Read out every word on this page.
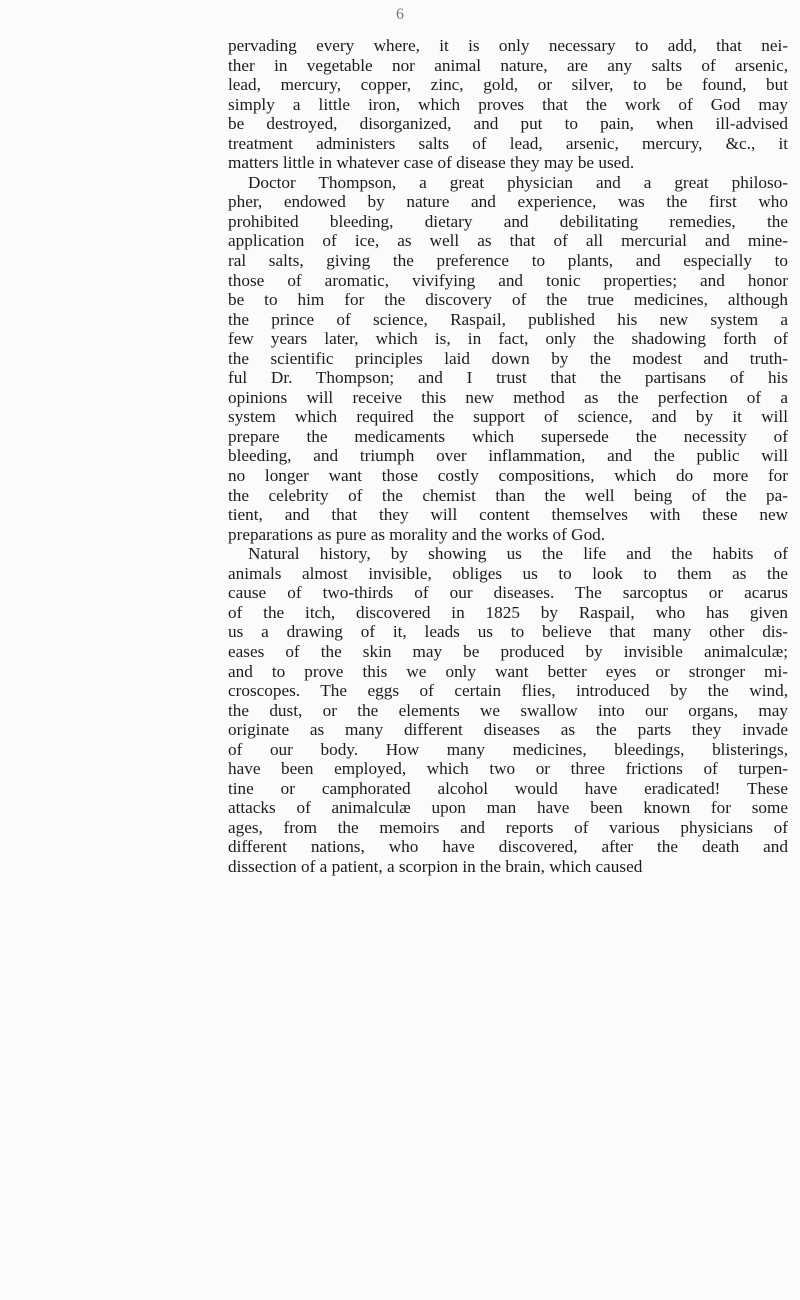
6
pervading every where, it is only necessary to add, that nei-
ther in vegetable nor animal nature, are any salts of arsenic,
lead, mercury, copper, zinc, gold, or silver, to be found, but
simply a little iron, which proves that the work of God may
be destroyed, disorganized, and put to pain, when ill-advised
treatment administers salts of lead, arsenic, mercury, &c., it
matters little in whatever case of disease they may be used.
Doctor Thompson, a great physician and a great philoso-
pher, endowed by nature and experience, was the first who
prohibited bleeding, dietary and debilitating remedies, the
application of ice, as well as that of all mercurial and mine-
ral salts, giving the preference to plants, and especially to
those of aromatic, vivifying and tonic properties; and honor
be to him for the discovery of the true medicines, although
the prince of science, Raspail, published his new system a
few years later, which is, in fact, only the shadowing forth of
the scientific principles laid down by the modest and truth-
ful Dr. Thompson; and I trust that the partisans of his
opinions will receive this new method as the perfection of a
system which required the support of science, and by it will
prepare the medicaments which supersede the necessity of
bleeding, and triumph over inflammation, and the public will
no longer want those costly compositions, which do more for
the celebrity of the chemist than the well being of the pa-
tient, and that they will content themselves with these new
preparations as pure as morality and the works of God.
Natural history, by showing us the life and the habits of
animals almost invisible, obliges us to look to them as the
cause of two-thirds of our diseases. The sarcoptus or acarus
of the itch, discovered in 1825 by Raspail, who has given
us a drawing of it, leads us to believe that many other dis-
eases of the skin may be produced by invisible animalculæ;
and to prove this we only want better eyes or stronger mi-
croscopes. The eggs of certain flies, introduced by the wind,
the dust, or the elements we swallow into our organs, may
originate as many different diseases as the parts they invade
of our body. How many medicines, bleedings, blisterings,
have been employed, which two or three frictions of turpen-
tine or camphorated alcohol would have eradicated! These
attacks of animalculæ upon man have been known for some
ages, from the memoirs and reports of various physicians of
different nations, who have discovered, after the death and
dissection of a patient, a scorpion in the brain, which caused
